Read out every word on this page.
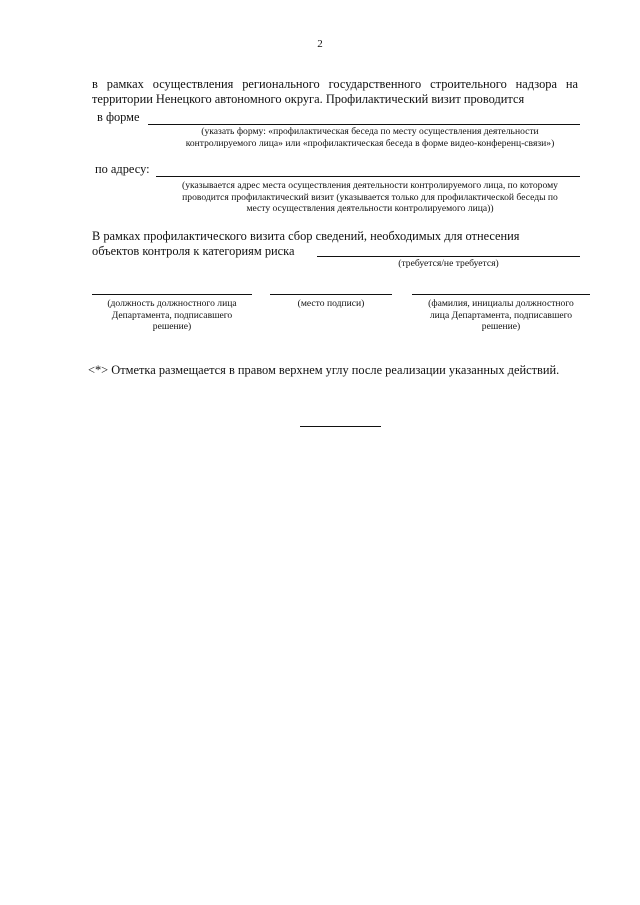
2
в рамках осуществления регионального государственного строительного надзора на
территории Ненецкого автономного округа. Профилактический визит проводится
в форме
(указать форму: «профилактическая беседа по месту осуществления деятельности
контролируемого лица» или «профилактическая беседа в форме видео-конференц-связи»)
по адресу:
(указывается адрес места осуществления деятельности контролируемого лица, по которому
проводится профилактический визит (указывается только для профилактической беседы по
месту осуществления деятельности контролируемого лица))
В рамках профилактического визита сбор сведений, необходимых для отнесения
объектов контроля к категориям риска
(требуется/не требуется)
(должность должностного лица
Департамента, подписавшего
решение)
(место подписи)	(фамилия, инициалы должностного
лица Департамента, подписавшего
решение)
<*> Отметка размещается в правом верхнем углу после реализации указанных действий.
